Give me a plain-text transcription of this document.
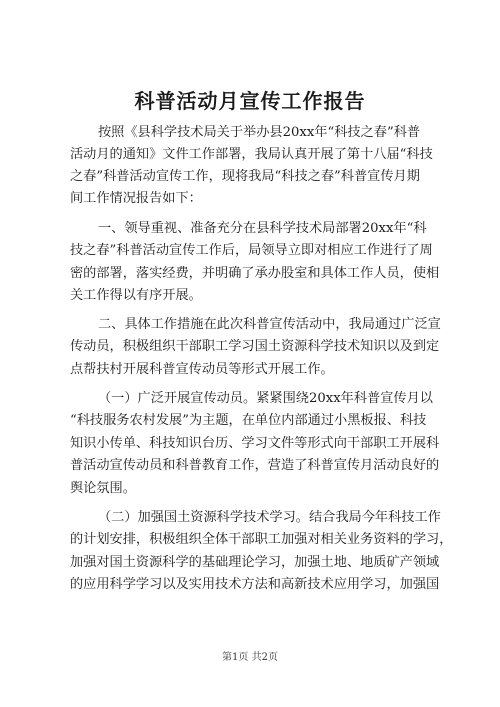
科普活动月宣传工作报告
按照《县科学技术局关于举办县20xx年“科技之春”科普
活动月的通知》文件工作部署，我局认真开展了第十八届“科技
之春”科普活动宣传工作，现将我局“科技之春”科普宣传月期
间工作情况报告如下：
一、领导重视、准备充分在县科学技术局部署20xx年“科
技之春”科普活动宣传工作后，局领导立即对相应工作进行了周
密的部署，落实经费，并明确了承办股室和具体工作人员，使相
关工作得以有序开展。
二、具体工作措施在此次科普宣传活动中，我局通过广泛宣
传动员，积极组织干部职工学习国土资源科学技术知识以及到定
点帮扶村开展科普宣传动员等形式开展工作。
（一）广泛开展宣传动员。紧紧围绕20xx年科普宣传月以
“科技服务农村发展”为主题，在单位内部通过小黑板报、科技
知识小传单、科技知识台历、学习文件等形式向干部职工开展科
普活动宣传动员和科普教育工作，营造了科普宣传月活动良好的
舆论氛围。
（二）加强国土资源科学技术学习。结合我局今年科技工作
的计划安排，积极组织全体干部职工加强对相关业务资料的学习，
加强对国土资源科学的基础理论学习，加强土地、地质矿产领域
的应用科学学习以及实用技术方法和高新技术应用学习，加强国
第1页 共2页
